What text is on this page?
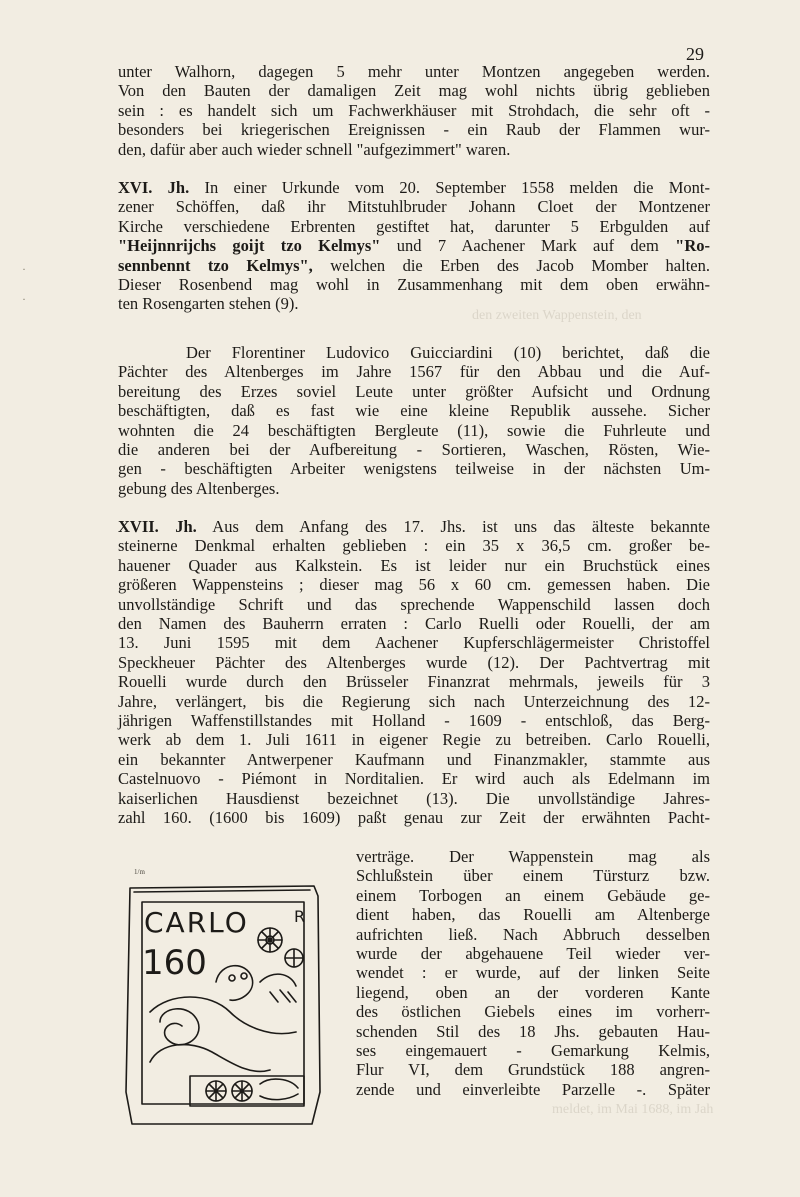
29
den zweiten Wappenstein, den
meldet, im Mai 1688, im Jah
unter Walhorn, dagegen 5 mehr unter Montzen angegeben werden.
Von den Bauten der damaligen Zeit mag wohl nichts übrig geblieben
sein : es handelt sich um Fachwerkhäuser mit Strohdach, die sehr oft -
besonders bei kriegerischen Ereignissen - ein Raub der Flammen wur-
den, dafür aber auch wieder schnell "aufgezimmert" waren.
XVI. Jh. In einer Urkunde vom 20. September 1558 melden die Mont-
zener Schöffen, daß ihr Mitstuhlbruder Johann Cloet der Montzener
Kirche verschiedene Erbrenten gestiftet hat, darunter 5 Erbgulden auf
"Heijnnrijchs goijt tzo Kelmys" und 7 Aachener Mark auf dem "Ro-
sennbennt tzo Kelmys", welchen die Erben des Jacob Momber halten.
Dieser Rosenbend mag wohl in Zusammenhang mit dem oben erwähn-
ten Rosengarten stehen (9).
Der Florentiner Ludovico Guicciardini (10) berichtet, daß die
Pächter des Altenberges im Jahre 1567 für den Abbau und die Auf-
bereitung des Erzes soviel Leute unter größter Aufsicht und Ordnung
beschäftigten, daß es fast wie eine kleine Republik aussehe. Sicher
wohnten die 24 beschäftigten Bergleute (11), sowie die Fuhrleute und
die anderen bei der Aufbereitung - Sortieren, Waschen, Rösten, Wie-
gen - beschäftigten Arbeiter wenigstens teilweise in der nächsten Um-
gebung des Altenberges.
XVII. Jh. Aus dem Anfang des 17. Jhs. ist uns das älteste bekannte
steinerne Denkmal erhalten geblieben : ein 35 x 36,5 cm. großer be-
hauener Quader aus Kalkstein. Es ist leider nur ein Bruchstück eines
größeren Wappensteins ; dieser mag 56 x 60 cm. gemessen haben. Die
unvollständige Schrift und das sprechende Wappenschild lassen doch
den Namen des Bauherrn erraten : Carlo Ruelli oder Rouelli, der am
13. Juni 1595 mit dem Aachener Kupferschlägermeister Christoffel
Speckheuer Pächter des Altenberges wurde (12). Der Pachtvertrag mit
Rouelli wurde durch den Brüsseler Finanzrat mehrmals, jeweils für 3
Jahre, verlängert, bis die Regierung sich nach Unterzeichnung des 12-
jährigen Waffenstillstandes mit Holland - 1609 - entschloß, das Berg-
werk ab dem 1. Juli 1611 in eigener Regie zu betreiben. Carlo Rouelli,
ein bekannter Antwerpener Kaufmann und Finanzmakler, stammte aus
Castelnuovo - Piémont in Norditalien. Er wird auch als Edelmann im
kaiserlichen Hausdienst bezeichnet (13). Die unvollständige Jahres-
zahl 160. (1600 bis 1609) paßt genau zur Zeit der erwähnten Pacht-
verträge. Der Wappenstein mag als
Schlußstein über einem Türsturz bzw.
einem Torbogen an einem Gebäude ge-
dient haben, das Rouelli am Altenberge
aufrichten ließ. Nach Abbruch desselben
wurde der abgehauene Teil wieder ver-
wendet : er wurde, auf der linken Seite
liegend, oben an der vorderen Kante
des östlichen Giebels eines im vorherr-
schenden Stil des 18 Jhs. gebauten Hau-
ses eingemauert - Gemarkung Kelmis,
Flur VI, dem Grundstück 188 angren-
zende und einverleibte Parzelle -. Später
1/m
CARLO	R
160
·
·
